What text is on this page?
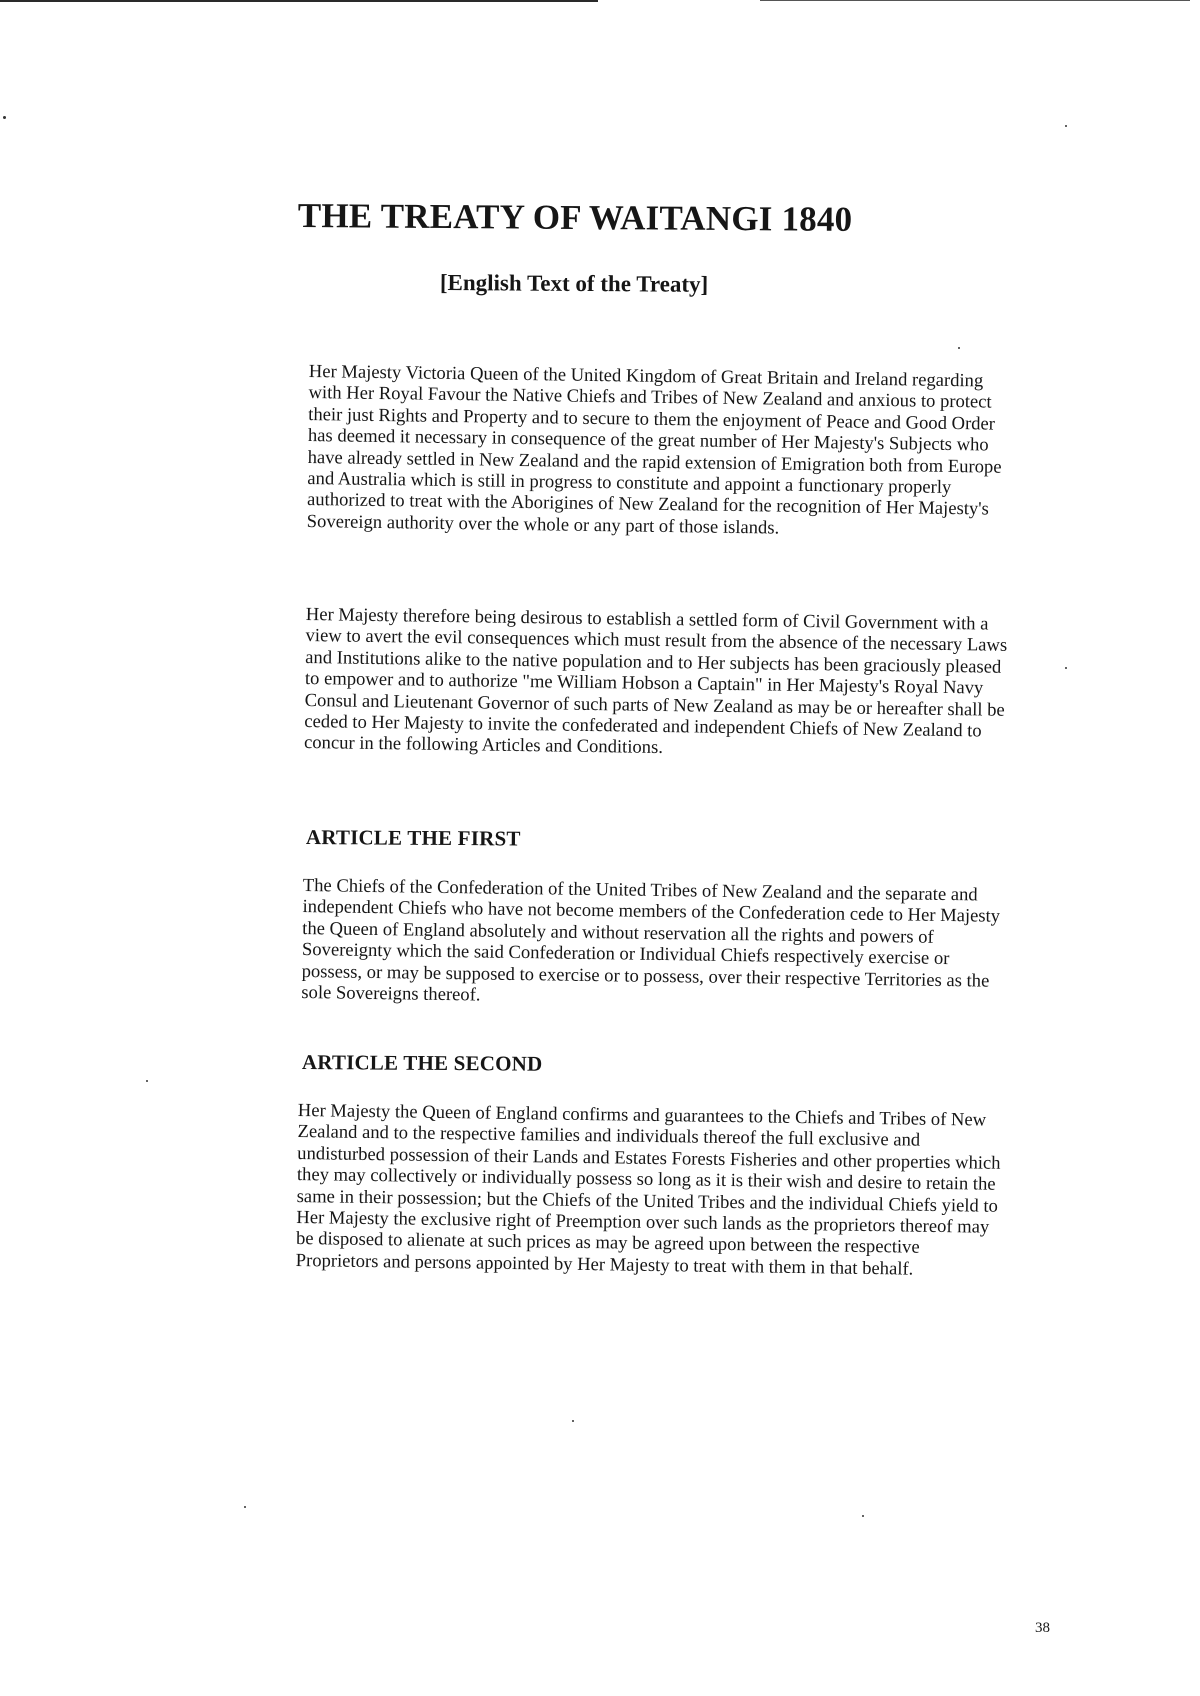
THE TREATY OF WAITANGI 1840
[English Text of the Treaty]

Her Majesty Victoria Queen of the United Kingdom of Great Britain and Ireland regarding with Her Royal Favour the Native Chiefs and Tribes of New Zealand and anxious to protect their just Rights and Property and to secure to them the enjoyment of Peace and Good Order has deemed it necessary in consequence of the great number of Her Majesty's Subjects who have already settled in New Zealand and the rapid extension of Emigration both from Europe and Australia which is still in progress to constitute and appoint a functionary properly authorized to treat with the Aborigines of New Zealand for the recognition of Her Majesty's Sovereign authority over the whole or any part of those islands.

Her Majesty therefore being desirous to establish a settled form of Civil Government with a view to avert the evil consequences which must result from the absence of the necessary Laws and Institutions alike to the native population and to Her subjects has been graciously pleased to empower and to authorize "me William Hobson a Captain" in Her Majesty's Royal Navy Consul and Lieutenant Governor of such parts of New Zealand as may be or hereafter shall be ceded to Her Majesty to invite the confederated and independent Chiefs of New Zealand to concur in the following Articles and Conditions.

ARTICLE THE FIRST

The Chiefs of the Confederation of the United Tribes of New Zealand and the separate and independent Chiefs who have not become members of the Confederation cede to Her Majesty the Queen of England absolutely and without reservation all the rights and powers of Sovereignty which the said Confederation or Individual Chiefs respectively exercise or possess, or may be supposed to exercise or to possess, over their respective Territories as the sole Sovereigns thereof.

ARTICLE THE SECOND

Her Majesty the Queen of England confirms and guarantees to the Chiefs and Tribes of New Zealand and to the respective families and individuals thereof the full exclusive and undisturbed possession of their Lands and Estates Forests Fisheries and other properties which they may collectively or individually possess so long as it is their wish and desire to retain the same in their possession; but the Chiefs of the United Tribes and the individual Chiefs yield to Her Majesty the exclusive right of Preemption over such lands as the proprietors thereof may be disposed to alienate at such prices as may be agreed upon between the respective Proprietors and persons appointed by Her Majesty to treat with them in that behalf.

38
